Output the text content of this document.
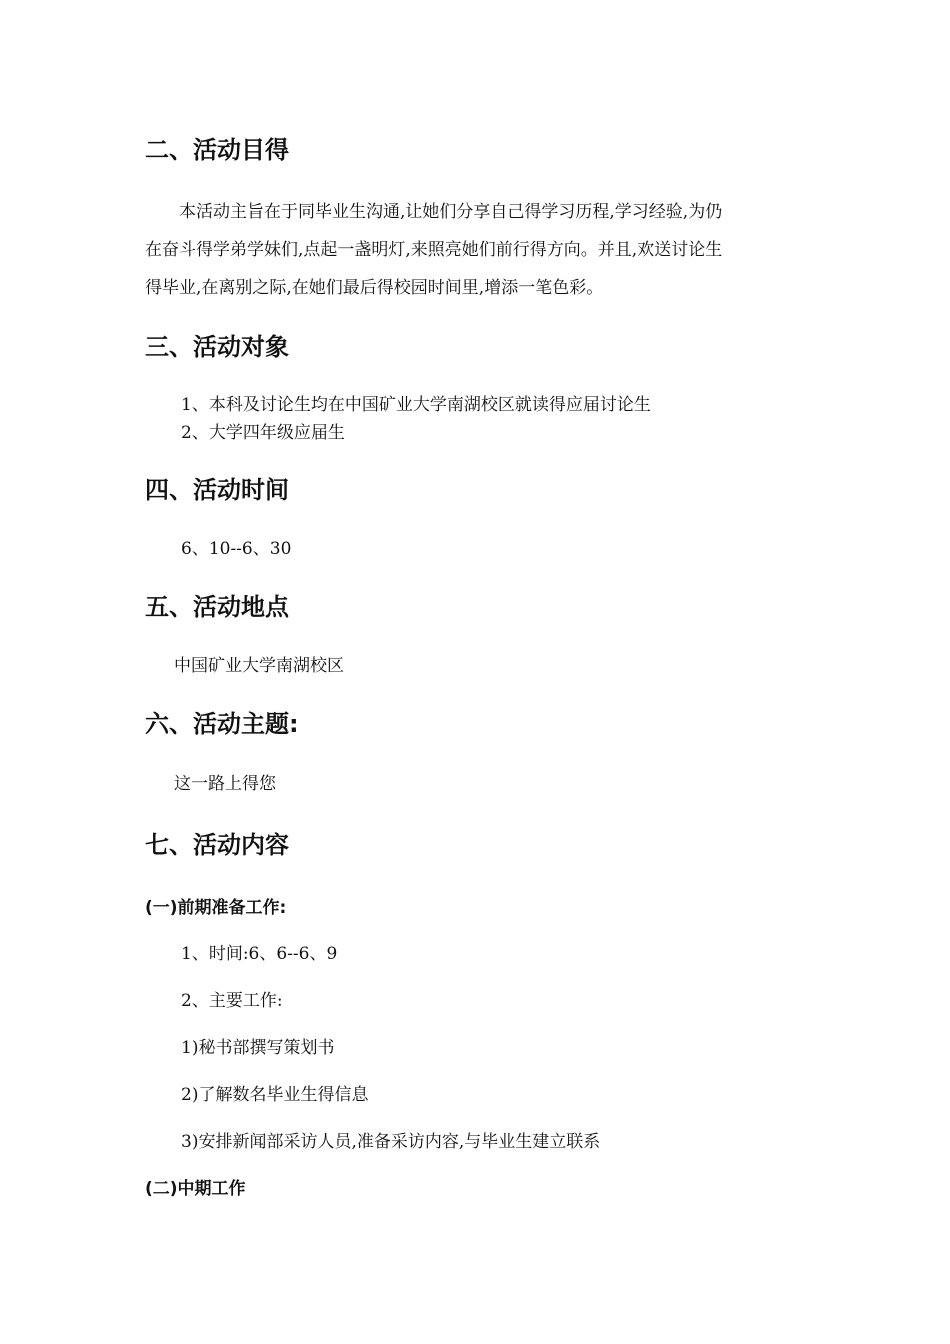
二、活动目得
本活动主旨在于同毕业生沟通,让她们分享自己得学习历程,学习经验,为仍
在奋斗得学弟学妹们,点起一盏明灯,来照亮她们前行得方向。并且,欢送讨论生
得毕业,在离别之际,在她们最后得校园时间里,增添一笔色彩。
三、活动对象

1、本科及讨论生均在中国矿业大学南湖校区就读得应届讨论生

2、大学四年级应届生

四、活动时间

6、10--6、30

五、活动地点

中国矿业大学南湖校区

六、活动主题:

这一路上得您

七、活动内容

(一)前期准备工作:

1、时间:6、6--6、9

2、主要工作:

1)秘书部撰写策划书

2)了解数名毕业生得信息

3)安排新闻部采访人员,准备采访内容,与毕业生建立联系

(二)中期工作
